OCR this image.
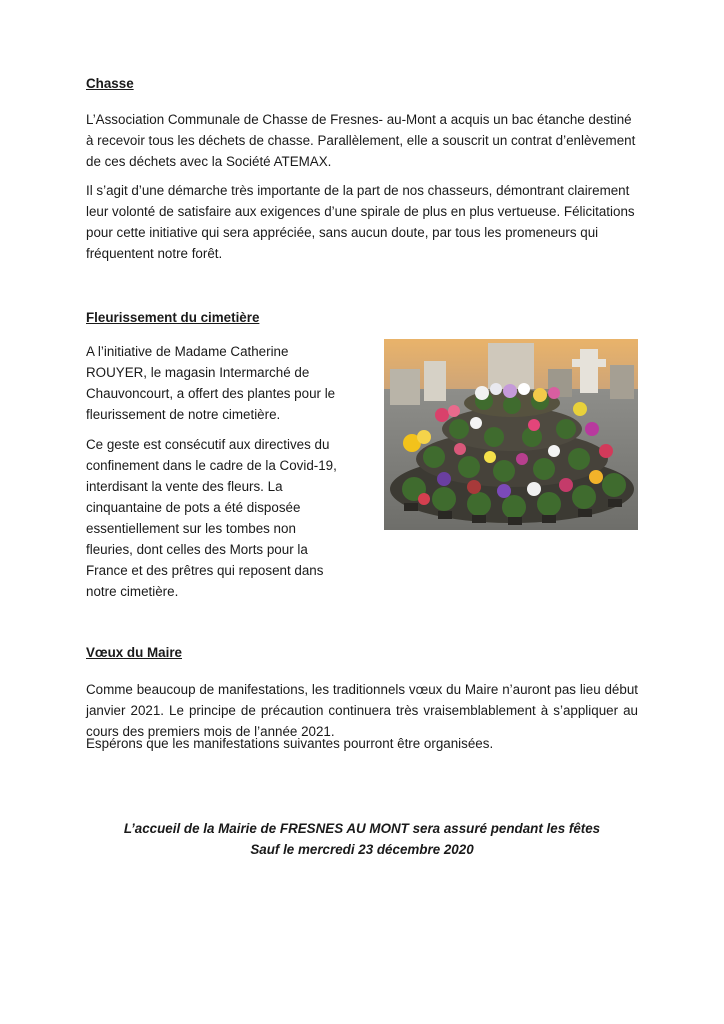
Chasse

L’Association Communale de Chasse de Fresnes- au-Mont a acquis un bac étanche destiné à recevoir tous les déchets de chasse. Parallèlement, elle a souscrit un contrat d’enlèvement de ces déchets avec la Société ATEMAX.

Il s’agit d’une démarche très importante de la part de nos chasseurs, démontrant clairement leur volonté de satisfaire aux exigences d’une spirale de plus en plus vertueuse. Félicitations pour cette initiative qui sera appréciée, sans aucun doute, par tous les promeneurs qui fréquentent notre forêt.

Fleurissement du cimetière

A l’initiative de Madame Catherine ROUYER, le magasin Intermarché de Chauvoncourt, a offert des plantes pour le fleurissement de notre cimetière.

Ce geste est consécutif aux directives du confinement dans le cadre de la Covid-19, interdisant la vente des fleurs. La cinquantaine de pots a été disposée essentiellement sur les tombes non fleuries, dont celles des Morts pour la France et des prêtres qui reposent dans notre cimetière.

Vœux du Maire

Comme beaucoup de manifestations, les traditionnels vœux du Maire n’auront pas lieu début janvier 2021. Le principe de précaution continuera très vraisemblablement à s’appliquer au cours des premiers mois de l’année 2021.

Espérons que les manifestations suivantes pourront être organisées.

L’accueil de la Mairie de FRESNES AU MONT sera assuré pendant les fêtes

Sauf le mercredi 23 décembre 2020
